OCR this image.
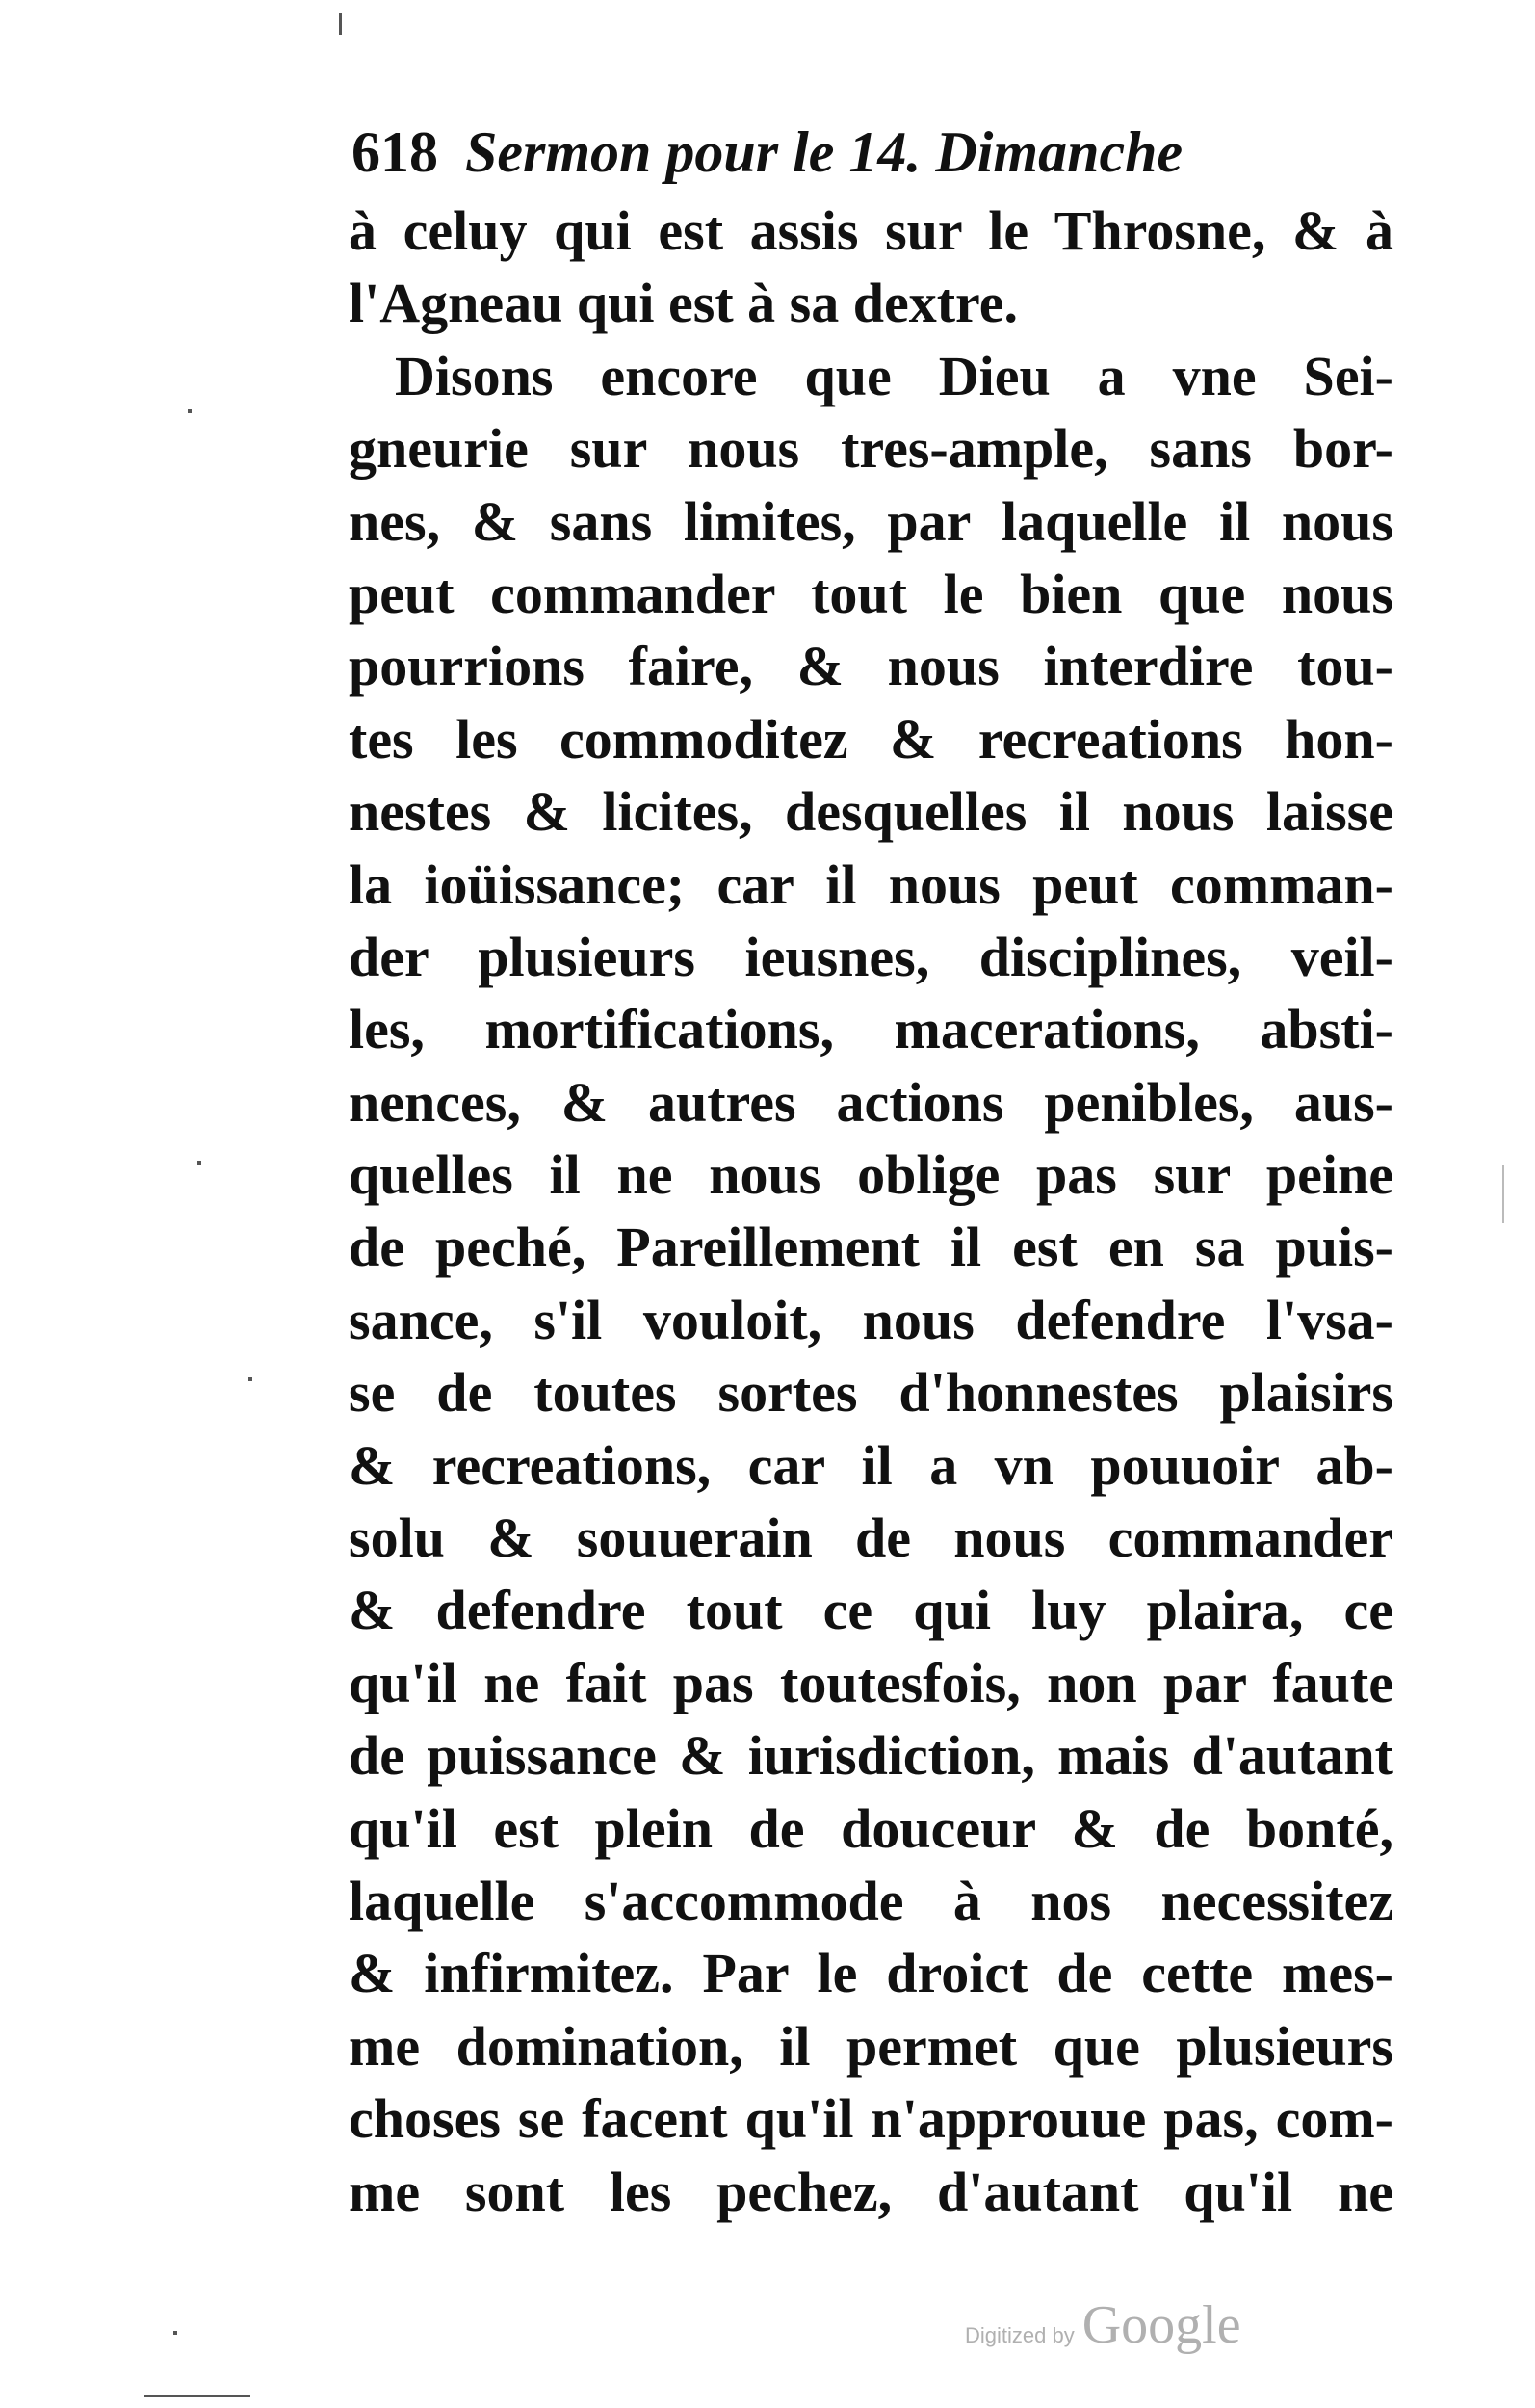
618 Sermon pour le 14. Dimanche
à celuy qui est assis sur le Throsne, & à
l'Agneau qui est à sa dextre.
Disons encore que Dieu a vne Sei-
gneurie sur nous tres-ample, sans bor-
nes, & sans limites, par laquelle il nous
peut commander tout le bien que nous
pourrions faire, & nous interdire tou-
tes les commoditez & recreations hon-
nestes & licites, desquelles il nous laisse
la ioüissance; car il nous peut comman-
der plusieurs ieusnes, disciplines, veil-
les, mortifications, macerations, absti-
nences, & autres actions penibles, aus-
quelles il ne nous oblige pas sur peine
de peché, Pareillement il est en sa puis-
sance, s'il vouloit, nous defendre l'vsa-
se de toutes sortes d'honnestes plaisirs
& recreations, car il a vn pouuoir ab-
solu & souuerain de nous commander
& defendre tout ce qui luy plaira, ce
qu'il ne fait pas toutesfois, non par faute
de puissance & iurisdiction, mais d'autant
qu'il est plein de douceur & de bonté,
laquelle s'accommode à nos necessitez
& infirmitez. Par le droict de cette mes-
me domination, il permet que plusieurs
choses se facent qu'il n'approuue pas, com-
me sont les pechez, d'autant qu'il ne
Digitized by Google
